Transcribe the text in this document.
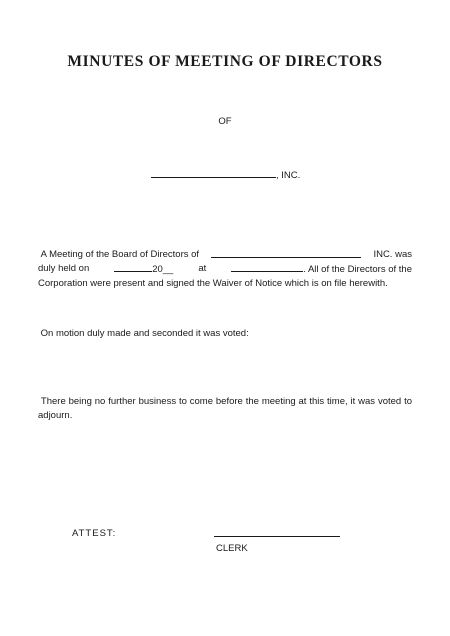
MINUTES OF MEETING OF DIRECTORS
OF
, INC.
A Meeting of the Board of Directors of	INC. was
duly held on	20__	at	. All of the Directors of the
Corporation were present and signed the Waiver of Notice which is on file herewith.
On motion duly made and seconded it was voted:
There being no further business to come before the meeting at this time, it was voted to adjourn.
ATTEST:
CLERK
